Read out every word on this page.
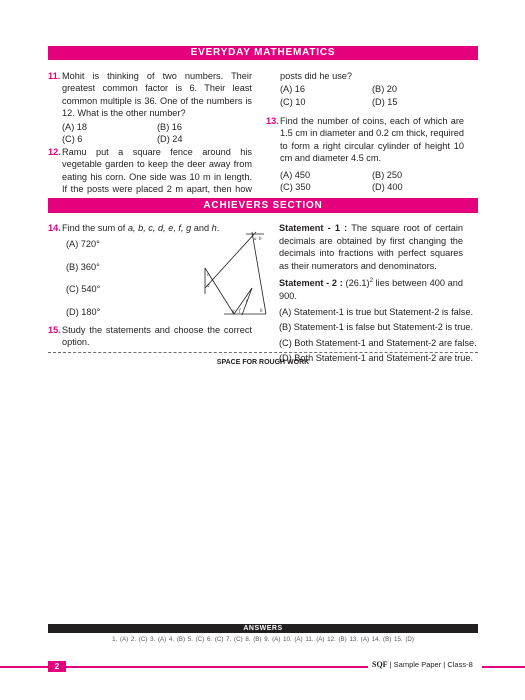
EVERYDAY MATHEMATICS
11. Mohit is thinking of two numbers. Their greatest common factor is 6. Their least common multiple is 36. One of the numbers is 12. What is the other number?

(A) 18	(B) 16
(C) 6	(D) 24
12. Ramu put a square fence around his vegetable garden to keep the deer away from eating his corn. One side was 10 m in length. If the posts were placed 2 m apart, then how

posts did he use?

(A) 16	(B) 20
(C) 10	(D) 15
13. Find the number of coins, each of which are 1.5 cm in diameter and 0.2 cm thick, required to form a right circular cylinder of height 10 cm and diameter 4.5 cm.

(A) 450	(B) 250
(C) 350	(D) 400
ACHIEVERS SECTION
14. Find the sum of a, b, c, d, e, f, g and h.

(A) 720°
(B) 360°
(C) 540°
(D) 180°
a b
c
d
e
f
g	h
15. Study the statements and choose the correct option.

Statement - 1 : The square root of certain decimals are obtained by first changing the decimals into fractions with perfect squares as their numerators and denominators.

Statement - 2 : $(26.1)^2$ lies between 400 and 900.

(A) Statement-1 is true but Statement-2 is false.
(B) Statement-1 is false but Statement-2 is true.
(C) Both Statement-1 and Statement-2 are false.
(D) Both Statement-1 and Statement-2 are true.
SPACE FOR ROUGH WORK
ANSWERS
1. (A) 2. (C) 3. (A) 4. (B) 5. (C) 6. (C) 7. (C) 8. (B) 9. (A) 10. (A) 11. (A) 12. (B) 13. (A) 14. (B) 15. (D)
2	SQF | Sample Paper | Class-8
